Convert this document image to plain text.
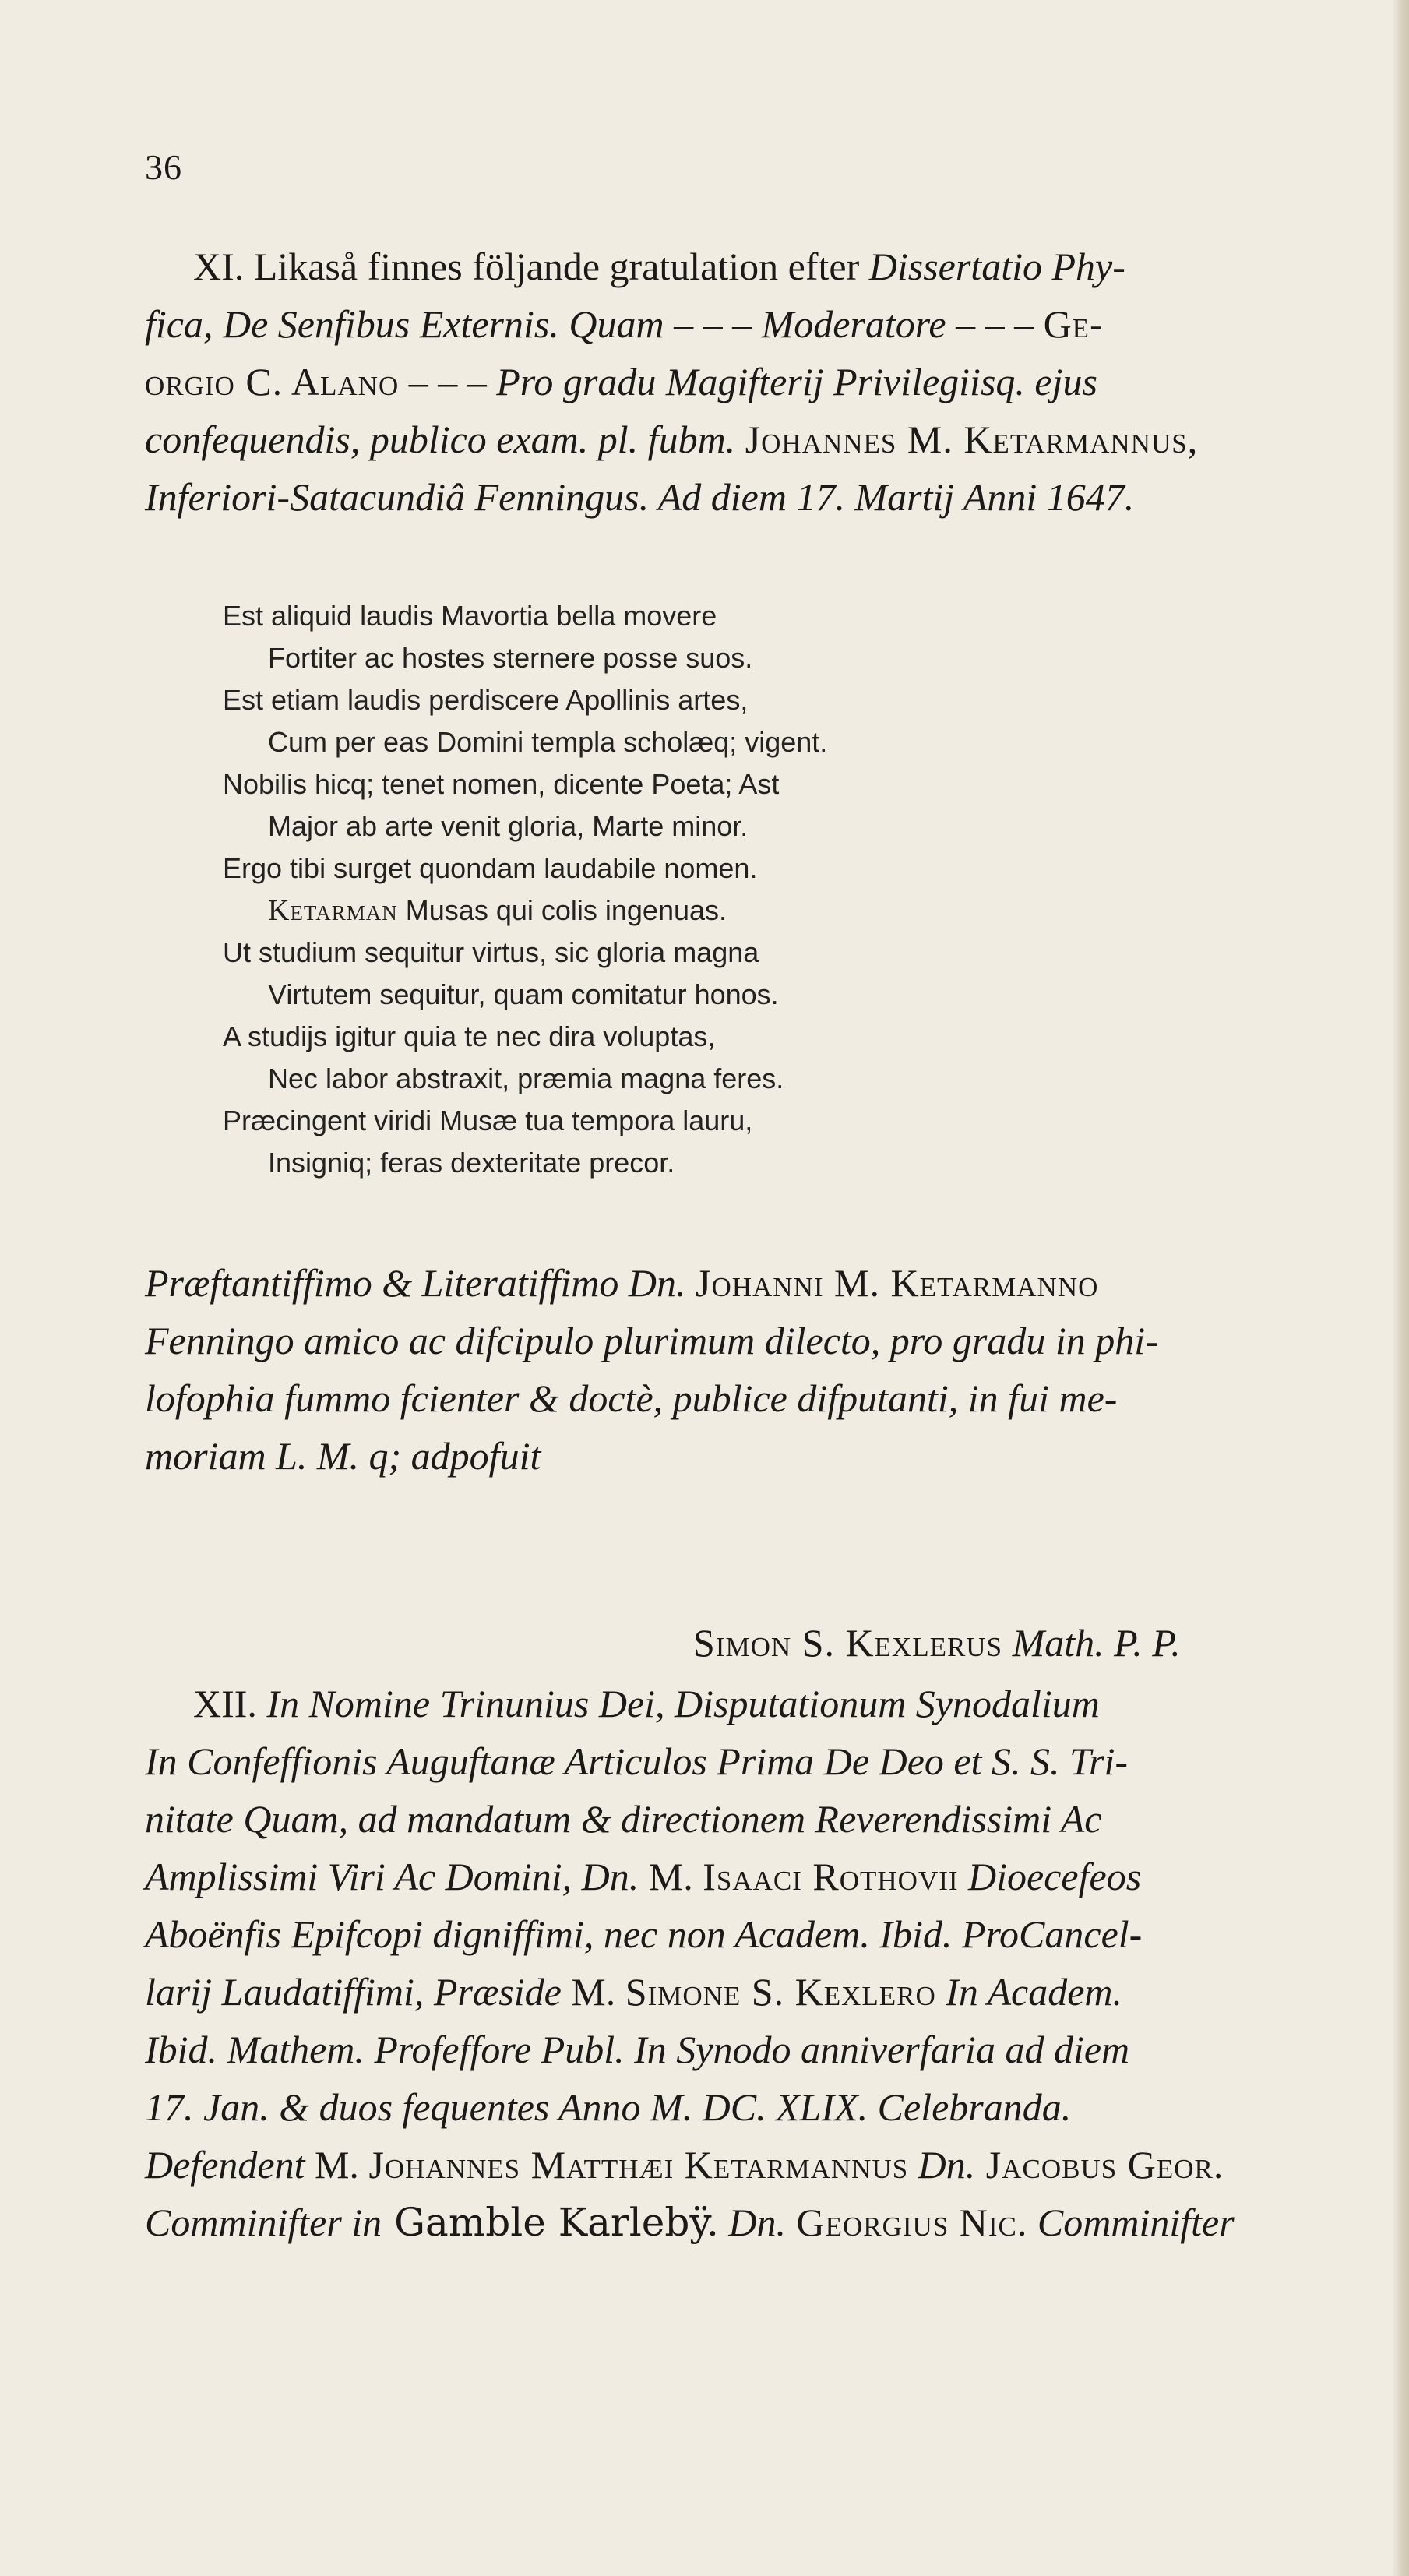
36
XI. Likaså finnes följande gratulation efter Dissertatio Phy-
fica, De Senfibus Externis. Quam – – – Moderatore – – – Ge-
orgio C. Alano – – – Pro gradu Magifterij Privilegiisq. ejus
confequendis, publico exam. pl. fubm. Johannes M. Ketarmannus,
Inferiori-Satacundiâ Fenningus. Ad diem 17. Martij Anni 1647.
Est aliquid laudis Mavortia bella movere
Fortiter ac hostes sternere posse suos.
Est etiam laudis perdiscere Apollinis artes,
Cum per eas Domini templa scholæq; vigent.
Nobilis hicq; tenet nomen, dicente Poeta; Ast
Major ab arte venit gloria, Marte minor.
Ergo tibi surget quondam laudabile nomen.
Ketarman Musas qui colis ingenuas.
Ut studium sequitur virtus, sic gloria magna
Virtutem sequitur, quam comitatur honos.
A studijs igitur quia te nec dira voluptas,
Nec labor abstraxit, præmia magna feres.
Præcingent viridi Musæ tua tempora lauru,
Insigniq; feras dexteritate precor.
Præftantiffimo & Literatiffimo Dn. Johanni M. Ketarmanno
Fenningo amico ac difcipulo plurimum dilecto, pro gradu in phi-
lofophia fummo fcienter & doctè, publice difputanti, in fui me-
moriam L. M. q; adpofuit
Simon S. Kexlerus Math. P. P.
XII. In Nomine Trinunius Dei, Disputationum Synodalium
In Confeffionis Auguftanæ Articulos Prima De Deo et S. S. Tri-
nitate Quam, ad mandatum & directionem Reverendissimi Ac
Amplissimi Viri Ac Domini, Dn. M. Isaaci Rothovii Dioecefeos
Aboënfis Epifcopi digniffimi, nec non Academ. Ibid. ProCancel-
larij Laudatiffimi, Præside M. Simone S. Kexlero In Academ.
Ibid. Mathem. Profeffore Publ. In Synodo anniverfaria ad diem
17. Jan. & duos fequentes Anno M. DC. XLIX. Celebranda.
Defendent M. Johannes Matthæi Ketarmannus Dn. Jacobus Geor.
Comminifter in Gamble Karlebÿ. Dn. Georgius Nic. Comminifter
